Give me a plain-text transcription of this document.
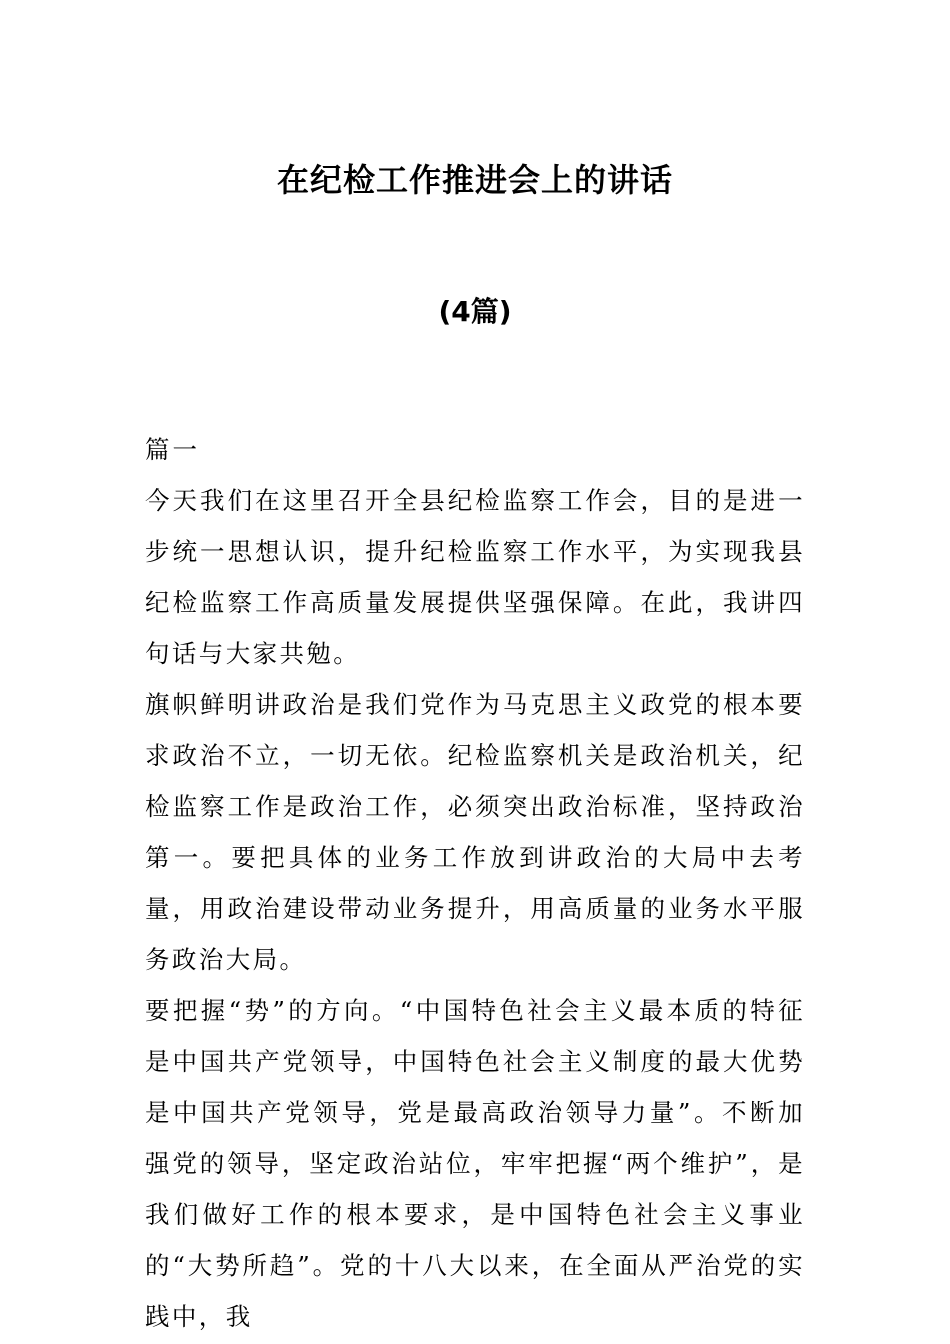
在纪检工作推进会上的讲话
(4篇)

篇一

今天我们在这里召开全县纪检监察工作会，目的是进一步统一思想认识，提升纪检监察工作水平，为实现我县纪检监察工作高质量发展提供坚强保障。在此，我讲四句话与大家共勉。

旗帜鲜明讲政治是我们党作为马克思主义政党的根本要求政治不立，一切无依。纪检监察机关是政治机关，纪检监察工作是政治工作，必须突出政治标准，坚持政治第一。要把具体的业务工作放到讲政治的大局中去考量，用政治建设带动业务提升，用高质量的业务水平服务政治大局。

要把握“势”的方向。“中国特色社会主义最本质的特征是中国共产党领导，中国特色社会主义制度的最大优势是中国共产党领导，党是最高政治领导力量”。不断加强党的领导，坚定政治站位，牢牢把握“两个维护”，是我们做好工作的根本要求，是中国特色社会主义事业的“大势所趋”。党的十八大以来，在全面从严治党的实践中，我
